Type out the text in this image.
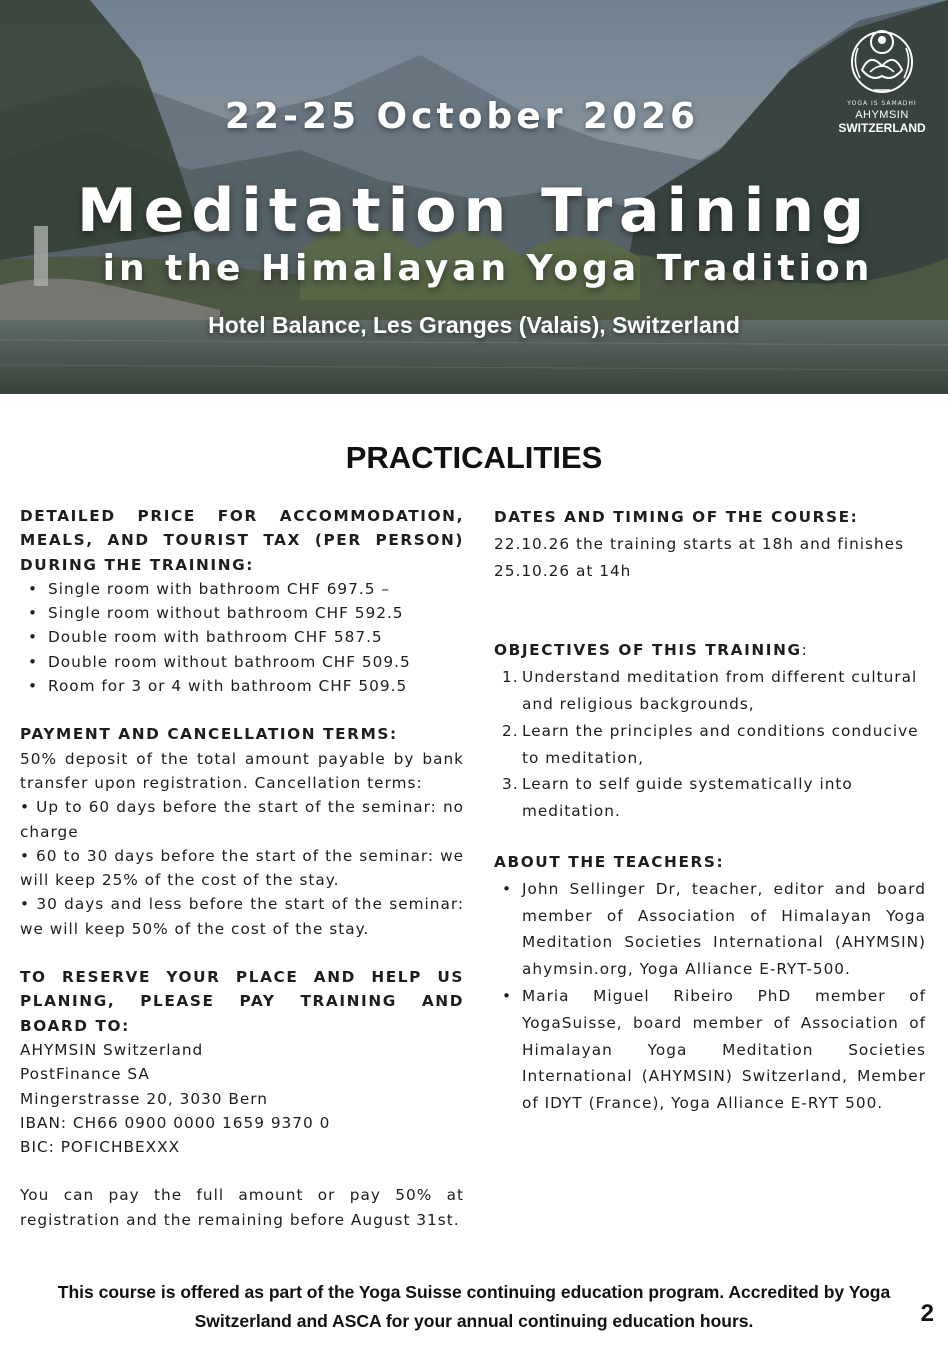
22-25 October 2026
Meditation Training
in the Himalayan Yoga Tradition
Hotel Balance, Les Granges (Valais), Switzerland
YOGA IS SAMADHI
AHYMSIN
SWITZERLAND
PRACTICALITIES
DETAILED PRICE FOR ACCOMMODATION, MEALS, AND TOURIST TAX (PER PERSON) DURING THE TRAINING:
• Single room with bathroom CHF 697.5 –
• Single room without bathroom CHF 592.5
• Double room with bathroom CHF 587.5
• Double room without bathroom CHF 509.5
• Room for 3 or 4 with bathroom CHF 509.5
PAYMENT AND CANCELLATION TERMS:
50% deposit of the total amount payable by bank transfer upon registration. Cancellation terms:
• Up to 60 days before the start of the seminar: no charge
• 60 to 30 days before the start of the seminar: we will keep 25% of the cost of the stay.
• 30 days and less before the start of the seminar: we will keep 50% of the cost of the stay.
TO RESERVE YOUR PLACE AND HELP US PLANING, PLEASE PAY TRAINING AND BOARD TO:
AHYMSIN Switzerland
PostFinance SA
Mingerstrasse 20, 3030 Bern
IBAN: CH66 0900 0000 1659 9370 0
BIC: POFICHBEXXX
You can pay the full amount or pay 50% at registration and the remaining before August 31st.
DATES AND TIMING OF THE COURSE:
22.10.26 the training starts at 18h and finishes 25.10.26 at 14h
OBJECTIVES OF THIS TRAINING:
1. Understand meditation from different cultural and religious backgrounds,
2. Learn the principles and conditions conducive to meditation,
3. Learn to self guide systematically into meditation.
ABOUT THE TEACHERS:
• John Sellinger Dr, teacher, editor and board member of Association of Himalayan Yoga Meditation Societies International (AHYMSIN) ahymsin.org, Yoga Alliance E-RYT-500.
• Maria Miguel Ribeiro PhD member of YogaSuisse, board member of Association of Himalayan Yoga Meditation Societies International (AHYMSIN) Switzerland, Member of IDYT (France), Yoga Alliance E-RYT 500.
This course is offered as part of the Yoga Suisse continuing education program. Accredited by Yoga Switzerland and ASCA for your annual continuing education hours.	2
